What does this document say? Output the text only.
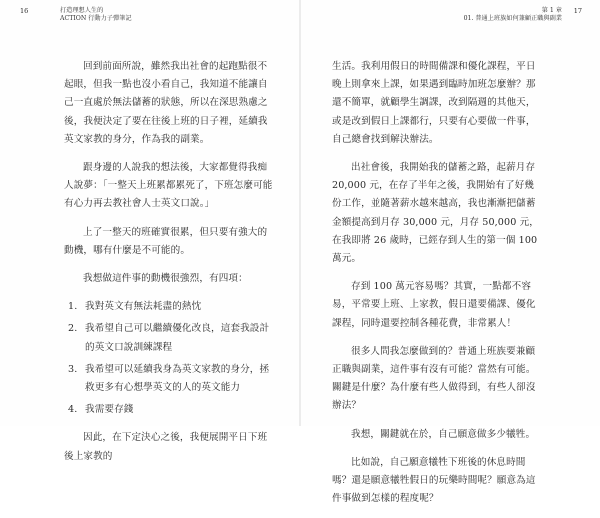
16	打造理想人生的
ACTION 行動力子彈筆記

回到前面所說，雖然我出社會的起跑點很不起眼，但我一點也沒小看自己，我知道不能讓自己一直處於無法儲蓄的狀態，所以在深思熟慮之後，我便決定了要在往後上班的日子裡，延續我英文家教的身分，作為我的副業。

跟身邊的人說我的想法後，大家都覺得我痴人說夢：「一整天上班累都累死了，下班怎麼可能有心力再去教社會人士英文口說。」

上了一整天的班確實很累，但只要有強大的動機，哪有什麼是不可能的。

我想做這件事的動機很強烈，有四項：

1. 我對英文有無法耗盡的熱忱
2. 我希望自己可以繼續優化改良，這套我設計的英文口說訓練課程
3. 我希望可以延續我身為英文家教的身分，拯救更多有心想學英文的人的英文能力
4. 我需要存錢

因此，在下定決心之後，我便展開平日下班後上家教的

第 1 章
01. 普通上班族如何兼顧正職與副業
17

生活。我利用假日的時間備課和優化課程，平日晚上則拿來上課，如果遇到臨時加班怎麼辦？那還不簡單，就顧學生調課，改到隔週的其他天，或是改到假日上課都行，只要有心要做一件事，自己總會找到解決辦法。

出社會後，我開始我的儲蓄之路，起薪月存 20,000 元，在存了半年之後，我開始有了好幾份工作，並隨著薪水越來越高，我也漸漸把儲蓄金額提高到月存 30,000 元，月存 50,000 元，在我即將 26 歲時，已經存到人生的第一個 100 萬元。

存到 100 萬元容易嗎？其實，一點都不容易，平常要上班、上家教，假日還要備課、優化課程，同時還要控制各種花費，非常累人！

很多人問我怎麼做到的？普通上班族要兼顧正職與副業，這件事有沒有可能？當然有可能。關鍵是什麼？為什麼有些人做得到，有些人卻沒辦法？

我想，關鍵就在於，自己願意做多少犧牲。

比如說，自己願意犧牲下班後的休息時間嗎？還是願意犧牲假日的玩樂時間呢？願意為這件事做到怎樣的程度呢？
